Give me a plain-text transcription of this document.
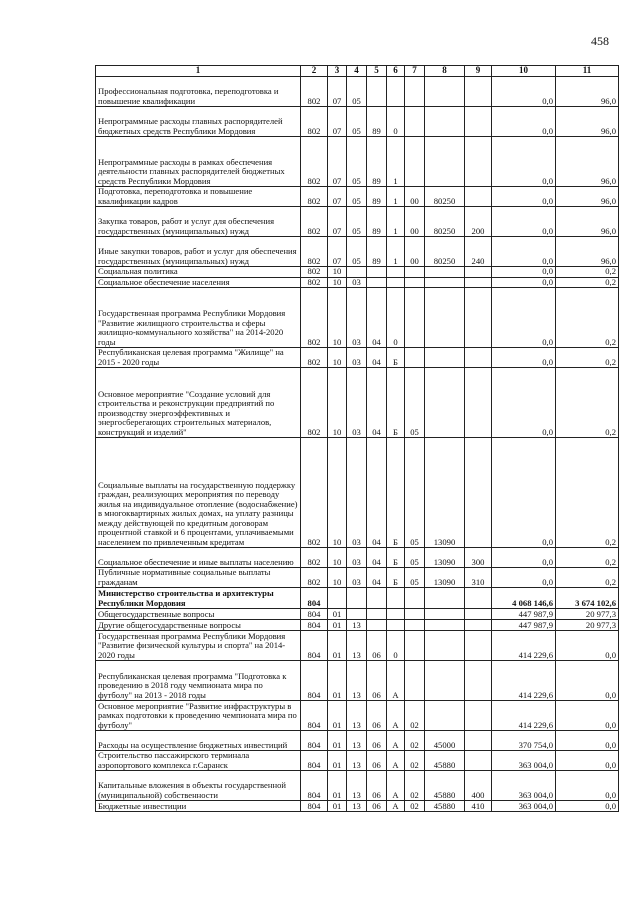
458
1	2	3	4	5	6	7	8	9	10	11
Профессиональная подготовка, переподготовка и повышение квалификации	802	07	05						0,0	96,0
Непрограммные расходы главных распорядителей бюджетных средств Республики Мордовия	802	07	05	89	0				0,0	96,0
Непрограммные расходы в рамках обеспечения деятельности главных распорядителей бюджетных средств Республики Мордовия	802	07	05	89	1				0,0	96,0
Подготовка, переподготовка и повышение квалификации кадров	802	07	05	89	1	00	80250		0,0	96,0
Закупка товаров, работ и услуг для обеспечения государственных (муниципальных) нужд	802	07	05	89	1	00	80250	200	0,0	96,0
Иные закупки товаров, работ и услуг для обеспечения государственных (муниципальных) нужд	802	07	05	89	1	00	80250	240	0,0	96,0
Социальная политика	802	10							0,0	0,2
Социальное обеспечение населения	802	10	03						0,0	0,2
Государственная программа Республики Мордовия "Развитие жилищного строительства и сферы жилищно-коммунального хозяйства" на 2014-2020 годы	802	10	03	04	0				0,0	0,2
Республиканская целевая программа "Жилище" на 2015 - 2020 годы	802	10	03	04	Б				0,0	0,2
Основное мероприятие "Создание условий для строительства и реконструкции предприятий по производству энергоэффективных и энергосберегающих строительных материалов, конструкций и изделий"	802	10	03	04	Б	05			0,0	0,2
Социальные выплаты на государственную поддержку граждан, реализующих мероприятия по переводу жилья на индивидуальное отопление (водоснабжение) в многоквартирных жилых домах, на уплату разницы между действующей по кредитным договорам процентной ставкой и 6 процентами, уплачиваемыми населением по привлеченным кредитам	802	10	03	04	Б	05	13090		0,0	0,2
Социальное обеспечение и иные выплаты населению	802	10	03	04	Б	05	13090	300	0,0	0,2
Публичные нормативные социальные выплаты гражданам	802	10	03	04	Б	05	13090	310	0,0	0,2
Министерство строительства и архитектуры Республики Мордовия	804								4 068 146,6	3 674 102,6
Общегосударственные вопросы	804	01							447 987,9	20 977,3
Другие общегосударственные вопросы	804	01	13						447 987,9	20 977,3
Государственная программа Республики Мордовия "Развитие физической культуры и спорта" на 2014-2020 годы	804	01	13	06	0				414 229,6	0,0
Республиканская целевая программа "Подготовка к проведению в 2018 году чемпионата мира по футболу" на 2013 - 2018 годы	804	01	13	06	А				414 229,6	0,0
Основное мероприятие "Развитие инфраструктуры в рамках подготовки к проведению чемпионата мира по футболу"	804	01	13	06	А	02			414 229,6	0,0
Расходы на осуществление бюджетных инвестиций	804	01	13	06	А	02	45000		370 754,0	0,0
Строительство пассажирского терминала аэропортового комплекса г.Саранск	804	01	13	06	А	02	45880		363 004,0	0,0
Капитальные вложения в объекты государственной (муниципальной) собственности	804	01	13	06	А	02	45880	400	363 004,0	0,0
Бюджетные инвестиции	804	01	13	06	А	02	45880	410	363 004,0	0,0
